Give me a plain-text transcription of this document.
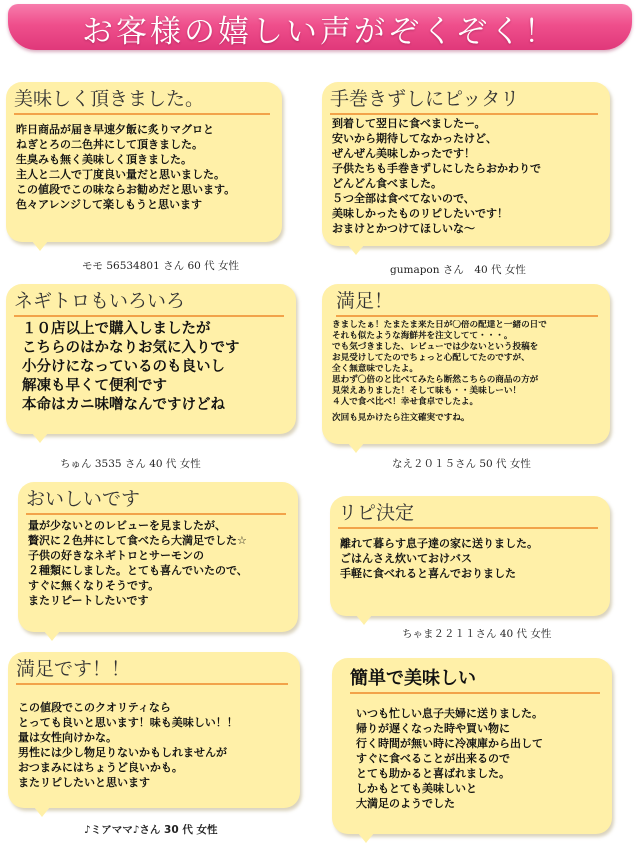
お客様の嬉しい声がぞくぞく！
美味しく頂きました。
昨日商品が届き早速夕飯に炙りマグロと
ねぎとろの二色丼にして頂きました。
生臭みも無く美味しく頂きました。
主人と二人で丁度良い量だと思いました。
この値段でこの味ならお勧めだと思います。
色々アレンジして楽しもうと思います
モモ 56534801 さん 60 代 女性
手巻きずしにピッタリ
到着して翌日に食べましたー。
安いから期待してなかったけど、
ぜんぜん美味しかったです！
子供たちも手巻きずしにしたらおかわりで
どんどん食べました。
５つ全部は食べてないので、
美味しかったものリピしたいです！
おまけとかつけてほしいな～
gumapon さん　40 代 女性
ネギトロもいろいろ
１０店以上で購入しましたが
こちらのはかなりお気に入りです
小分けになっているのも良いし
解凍も早くて便利です
本命はカニ味噌なんですけどね
ちゅん 3535 さん 40 代 女性
満足！
きましたぁ！たまたま来た日が〇倍の配達と一緒の日で
それも似たような海鮮丼を注文してて・・・。
でも気づきました、レビューでは少ないという投稿を
お見受けしてたのでちょっと心配してたのですが、
全く無意味でしたよ。
思わず〇倍のと比べてみたら断然こちらの商品の方が
見栄えありました！そして味も・・美味しーい！
４人で食べ比べ！幸せ食卓でしたよ。
次回も見かけたら注文確実ですね。
なえ２０１５さん 50 代 女性
おいしいです
量が少ないとのレビューを見ましたが、
贅沢に２色丼にして食べたら大満足でした☆
子供の好きなネギトロとサーモンの
２種類にしました。とても喜んでいたので、
すぐに無くなりそうです。
またリピートしたいです
リピ決定
離れて暮らす息子達の家に送りました。
ごはんさえ炊いておけバス
手軽に食べれると喜んでおりました
ちゃま２２１１さん 40 代 女性
満足です！！
この値段でこのクオリティなら
とっても良いと思います！味も美味しい！！
量は女性向けかな。
男性には少し物足りないかもしれませんが
おつまみにはちょうど良いかも。
またリピしたいと思います
♪ミアママ♪さん 30 代 女性
簡単で美味しい
いつも忙しい息子夫婦に送りました。
帰りが遅くなった時や買い物に
行く時間が無い時に冷凍庫から出して
すぐに食べることが出来るので
とても助かると喜ばれました。
しかもとても美味しいと
大満足のようでした
